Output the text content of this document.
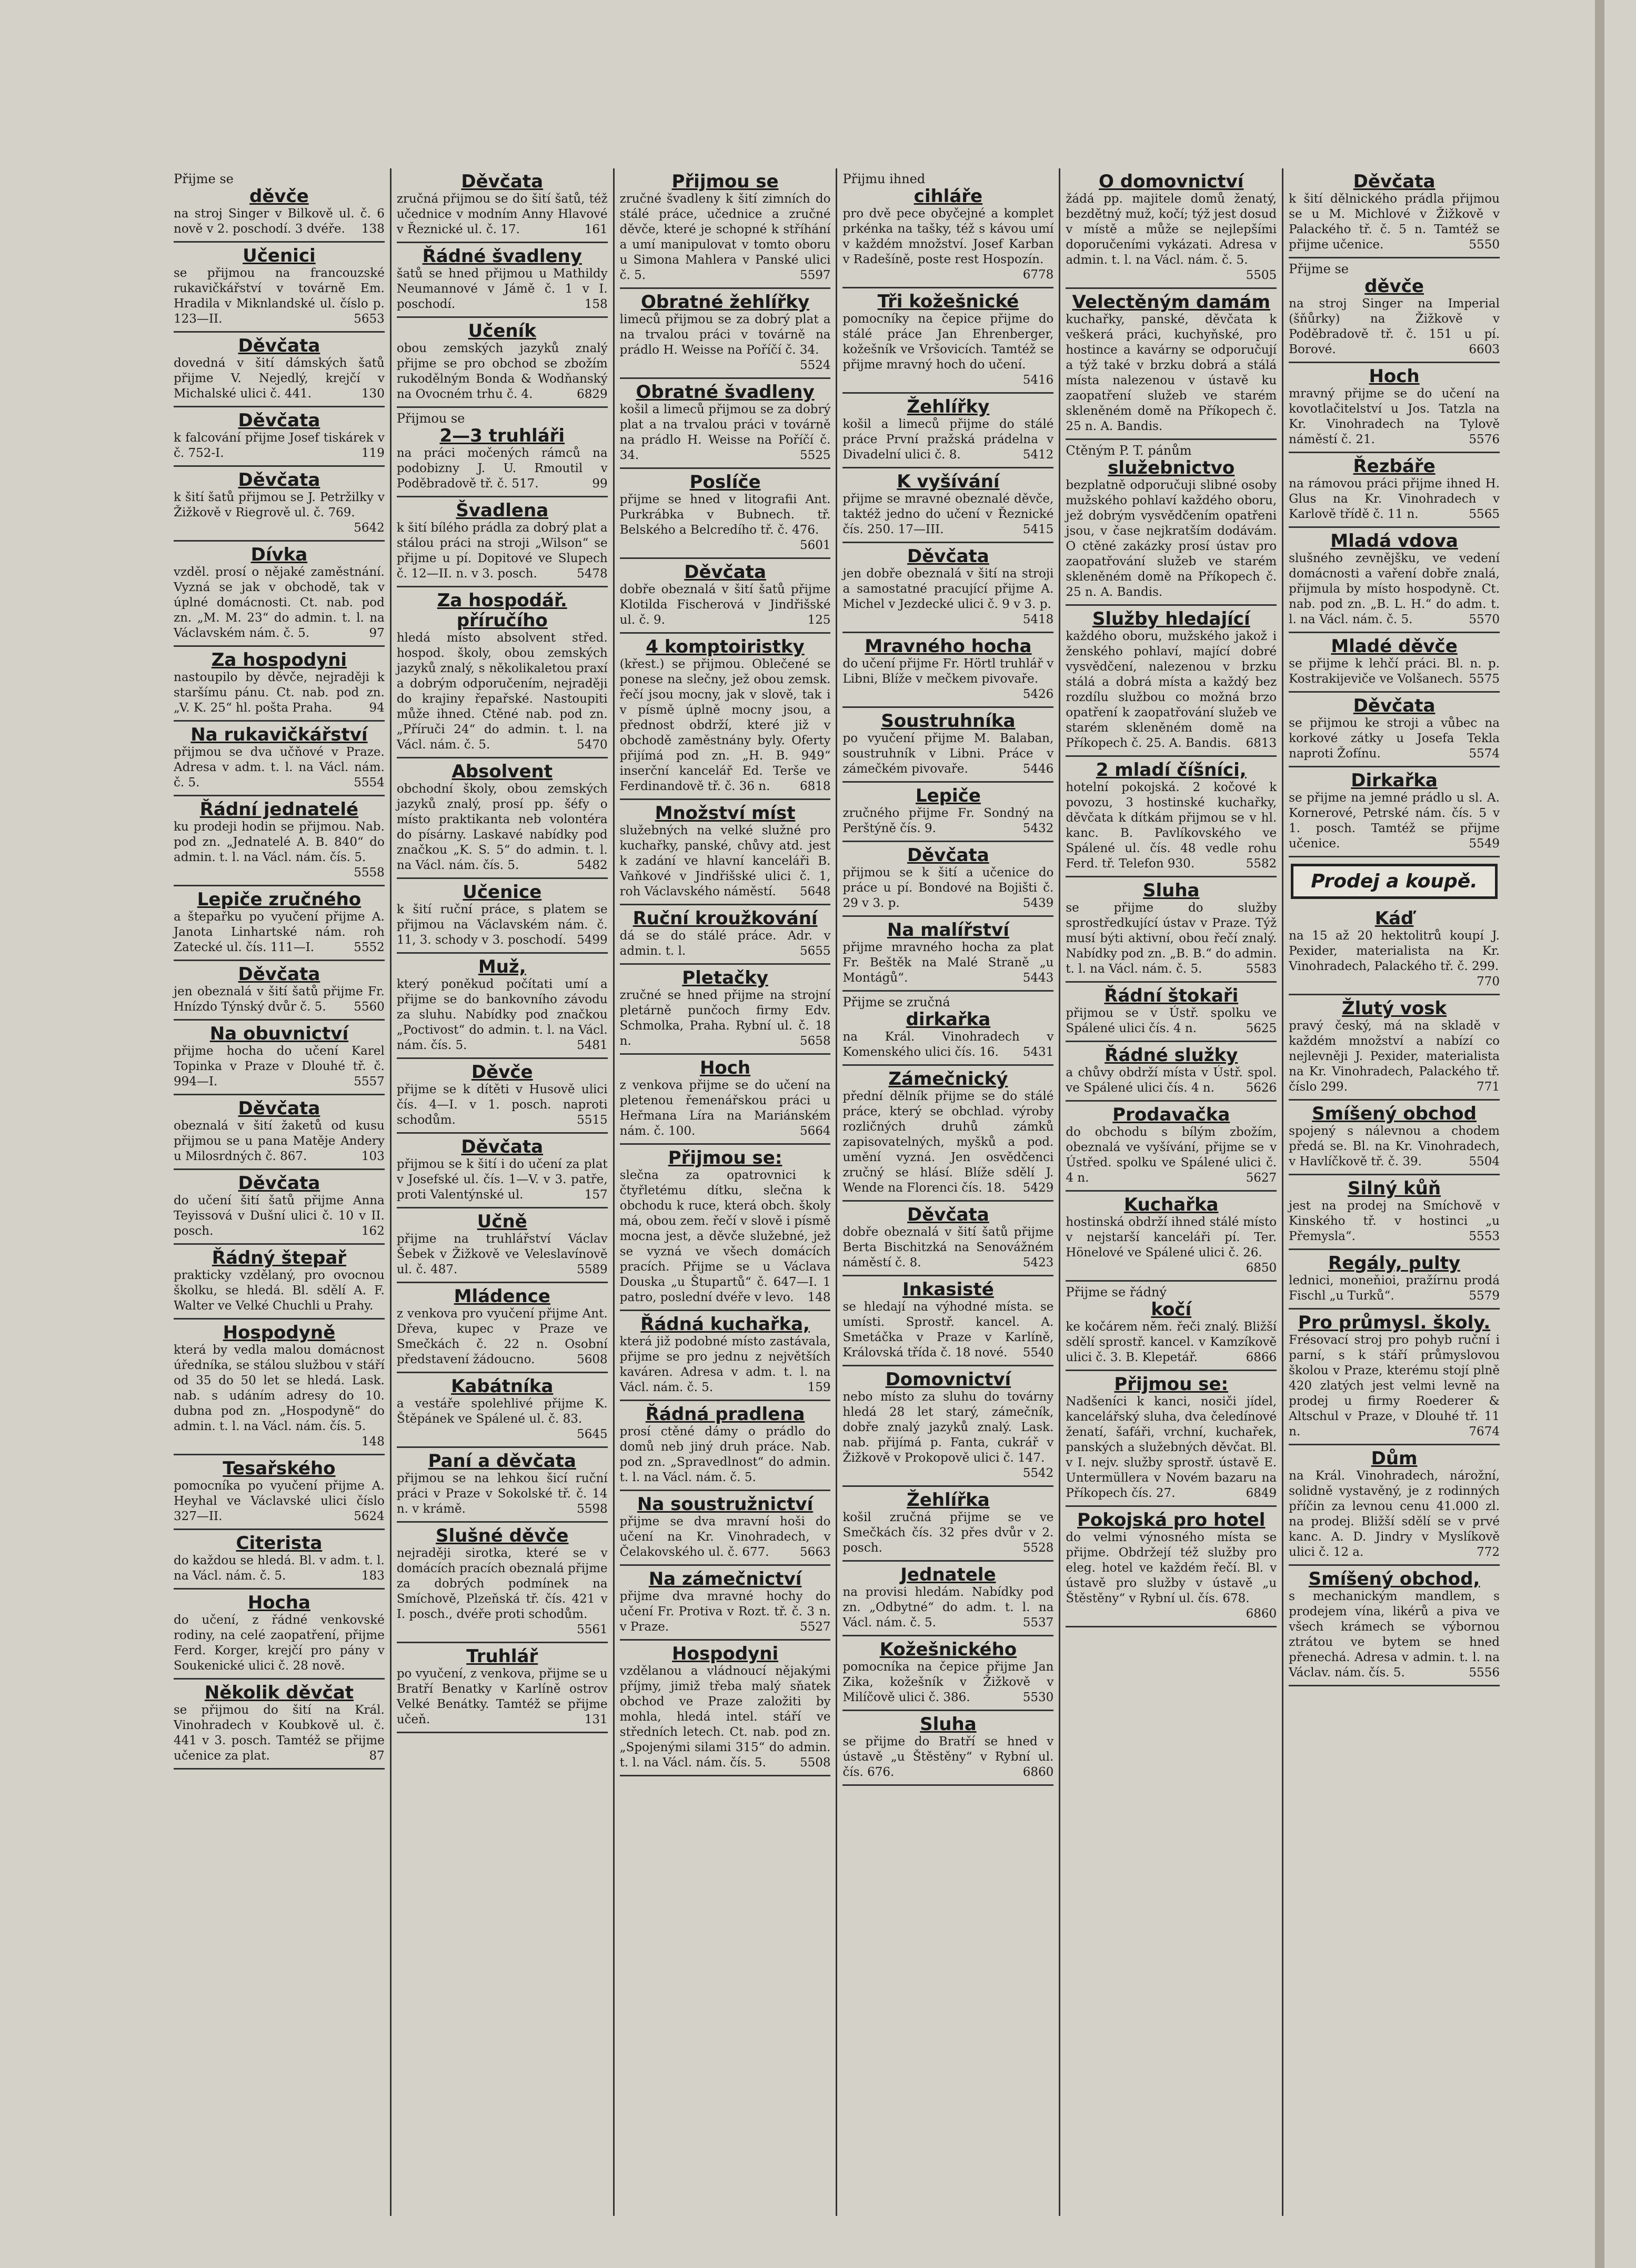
Přijme se
děvče
na stroj Singer v Bilkově ul. č. 6 nově v 2. poschodí. 3 dvéře. 138
Učenici
se přijmou na francouzské rukavičkářství v továrně Em. Hradila v Miknlandské ul. číslo p. 123—II.	5653
Děvčata
dovedná v šití dámských šatů přijme V. Nejedlý, krejčí v Michalské ulici č. 441.	130
Děvčata
k falcování přijme Josef tiskárek v č. 752-I.	119
Děvčata
k šití šatů přijmou se J. Petržilky v Žižkově v Riegrově ul. č. 769.
5642
Dívka
vzděl. prosí o nějaké zaměstnání. Vyzná se jak v obchodě, tak v úplné domácnosti. Ct. nab. pod zn. „M. M. 23“ do admin. t. l. na Václavském nám. č. 5.	97
Za hospodyni
nastoupilo by děvče, nejraději k staršímu pánu. Ct. nab. pod zn. „V. K. 25“ hl. pošta Praha.	94
Na rukavičkářství
přijmou se dva učňové v Praze. Adresa v adm. t. l. na Václ. nám. č. 5.	5554
Řádní jednatelé
ku prodeji hodin se přijmou. Nab. pod zn. „Jednatelé A. B. 840“ do admin. t. l. na Václ. nám. čís. 5.
5558
Lepiče zručného
a štepařku po vyučení přijme A. Janota Linhartské nám. roh Zatecké ul. čís. 111—I.	5552
Děvčata
jen obeznalá v šití šatů přijme Fr. Hnízdo Týnský dvůr č. 5. 5560
Na obuvnictví
přijme hocha do učení Karel Topinka v Praze v Dlouhé tř. č. 994—I.	5557
Děvčata
obeznalá v šití žaketů od kusu přijmou se u pana Matěje Andery u Milosrdných č. 867.	103
Děvčata
do učení šití šatů přijme Anna Teyissová v Dušní ulici č. 10 v II. posch.	162
Řádný štepař
prakticky vzdělaný, pro ovocnou školku, se hledá. Bl. sdělí A. F. Walter ve Velké Chuchli u Prahy.
Hospodyně
která by vedla malou domácnost úředníka, se stálou službou v stáří od 35 do 50 let se hledá. Lask. nab. s udáním adresy do 10. dubna pod zn. „Hospodyně“ do admin. t. l. na Václ. nám. čís. 5.
148
Tesařského
pomocníka po vyučení přijme A. Heyhal ve Václavské ulici číslo 327—II.	5624
Citerista
do každou se hledá. Bl. v adm. t. l. na Václ. nám. č. 5.	183
Hocha
do učení, z řádné venkovské rodiny, na celé zaopatření, přijme Ferd. Korger, krejčí pro pány v Soukenické ulici č. 28 nově.
Několik děvčat
se přijmou do šití na Král. Vinohradech v Koubkově ul. č. 441 v 3. posch. Tamtéž se přijme učenice za plat.	87
Děvčata
zručná přijmou se do šití šatů, též učednice v modním Anny Hlavové v Řeznické ul. č. 17.	161
Řádné švadleny
šatů se hned přijmou u Mathildy Neumannové v Jámě č. 1 v I. poschodí.	158
Učeník
obou zemských jazyků znalý přijme se pro obchod se zbožím rukodělným Bonda & Wodňanský na Ovocném trhu č. 4.	6829
Přijmou se
2—3 truhláři
na práci močených rámců na podobizny J. U. Rmoutil v Poděbradově tř. č. 517.	99
Švadlena
k šití bílého prádla za dobrý plat a stálou práci na stroji „Wilson“ se přijme u pí. Dopitové ve Slupech č. 12—II. n. v 3. posch.	5478
Za hospodář. příručího
hledá místo absolvent střed. hospod. školy, obou zemských jazyků znalý, s několikaletou praxí a dobrým odporučením, nejraději do krajiny řepařské. Nastoupiti může ihned. Ctěné nab. pod zn. „Příruči 24“ do admin. t. l. na Václ. nám. č. 5.	5470
Absolvent
obchodní školy, obou zemských jazyků znalý, prosí pp. šéfy o místo praktikanta neb volontéra do písárny. Laskavé nabídky pod značkou „K. S. 5“ do admin. t. l. na Václ. nám. čís. 5.	5482
Učenice
k šití ruční práce, s platem se přijmou na Václavském nám. č. 11, 3. schody v 3. poschodí. 5499
Muž,
který poněkud počítati umí a přijme se do bankovního závodu za sluhu. Nabídky pod značkou „Poctivost“ do admin. t. l. na Václ. nám. čís. 5.	5481
Děvče
přijme se k dítěti v Husově ulici čís. 4—I. v 1. posch. naproti schodům.	5515
Děvčata
přijmou se k šití i do učení za plat v Josefské ul. čís. 1—V. v 3. patře, proti Valentýnské ul.	157
Učně
přijme na truhlářství Václav Šebek v Žižkově ve Veleslavínově ul. č. 487.	5589
Mládence
z venkova pro vyučení přijme Ant. Dřeva, kupec v Praze ve Smečkách č. 22 n. Osobní představení žádoucno.	5608
Kabátníka
a vestáře spolehlivé přijme K. Štěpánek ve Spálené ul. č. 83.
5645
Paní a děvčata
přijmou se na lehkou šicí ruční práci v Praze v Sokolské tř. č. 14 n. v krámě.	5598
Slušné děvče
nejraději sirotka, které se v domácích pracích obeznalá přijme za dobrých podmínek na Smíchově, Plzeňská tř. čís. 421 v I. posch., dvéře proti schodům.
5561
Truhlář
po vyučení, z venkova, přijme se u Bratří Benatky v Karlíně ostrov Velké Benátky. Tamtéž se přijme učeň.	131
Přijmou se
zručné švadleny k šití zimních do stálé práce, učednice a zručné děvče, které je schopné k stříhání a umí manipulovat v tomto oboru u Simona Mahlera v Panské ulici č. 5.	5597
Obratné žehlířky
limeců přijmou se za dobrý plat a na trvalou práci v továrně na prádlo H. Weisse na Poříčí č. 34.
5524
Obratné švadleny
košil a limeců přijmou se za dobrý plat a na trvalou práci v továrně na prádlo H. Weisse na Poříčí č. 34.	5525
Poslíče
přijme se hned v litografii Ant. Purkrábka v Bubnech. tř. Belského a Belcredího tř. č. 476.
5601
Děvčata
dobře obeznalá v šití šatů přijme Klotilda Fischerová v Jindřišské ul. č. 9.	125
4 komptoiristky
(křest.) se přijmou. Oblečené se ponese na slečny, jež obou zemsk. řečí jsou mocny, jak v slově, tak i v písmě úplně mocny jsou, a přednost obdrží, které již v obchodě zaměstnány byly. Oferty přijímá pod zn. „H. B. 949“ inserční kancelář Ed. Terše ve Ferdinandově tř. č. 36 n. 6818
Množství míst
služebných na velké služné pro kuchařky, panské, chůvy atd. jest k zadání ve hlavní kanceláři B. Vaňkové v Jindřišské ulici č. 1, roh Václavského náměstí. 5648
Ruční kroužkování
dá se do stálé práce. Adr. v admin. t. l.	5655
Pletačky
zručné se hned přijme na strojní pletárně punčoch firmy Edv. Schmolka, Praha. Rybní ul. č. 18 n.	5658
Hoch
z venkova přijme se do učení na pletenou řemenářskou práci u Heřmana Líra na Mariánském nám. č. 100.	5664
Přijmou se:
slečna za opatrovnici k čtyřletému dítku, slečna k obchodu k ruce, která obch. školy má, obou zem. řečí v slově i písmě mocna jest, a děvče služebné, jež se vyzná ve všech domácích pracích. Přijme se u Václava Douska „u Štupartů“ č. 647—I. 1 patro, poslední dvéře v levo. 148
Řádná kuchařka,
která již podobné místo zastávala, přijme se pro jednu z největších kaváren. Adresa v adm. t. l. na Václ. nám. č. 5.	159
Řádná pradlena
prosí ctěné dámy o prádlo do domů neb jiný druh práce. Nab. pod zn. „Spravedlnost“ do admin. t. l. na Václ. nám. č. 5.
Na soustružnictví
přijme se dva mravní hoši do učení na Kr. Vinohradech, v Čelakovského ul. č. 677.	5663
Na zámečnictví
přijme dva mravné hochy do učení Fr. Protiva v Rozt. tř. č. 3 n. v Praze.	5527
Hospodyni
vzdělanou a vládnoucí nějakými příjmy, jimiž třeba malý sňatek obchod ve Praze založiti by mohla, hledá intel. stáří ve středních letech. Ct. nab. pod zn. „Spojenými silami 315“ do admin. t. l. na Václ. nám. čís. 5.	5508
Přijmu ihned
cihláře
pro dvě pece obyčejné a komplet prkénka na tašky, též s kávou umí v každém množství. Josef Karban v Radešíně, poste rest Hospozín.
6778
Tři kožešnické
pomocníky na čepice přijme do stálé práce Jan Ehrenberger, kožešník ve Vršovicích. Tamtéž se přijme mravný hoch do učení.
5416
Žehlířky
košil a limeců přijme do stálé práce První pražská prádelna v Divadelní ulici č. 8.	5412
K vyšívání
přijme se mravné obeznalé děvče, taktéž jedno do učení v Řeznické čís. 250. 17—III.	5415
Děvčata
jen dobře obeznalá v šití na stroji a samostatné pracující přijme A. Michel v Jezdecké ulici č. 9 v 3. p.
5418
Mravného hocha
do učení přijme Fr. Hörtl truhlář v Libni, Blíže v mečkem pivovaře.
5426
Soustruhníka
po vyučení přijme M. Balaban, soustruhník v Libni. Práce v zámečkém pivovaře.	5446
Lepiče
zručného přijme Fr. Sondný na Perštýně čís. 9.	5432
Děvčata
přijmou se k šití a učenice do práce u pí. Bondové na Bojišti č. 29 v 3. p.	5439
Na malířství
přijme mravného hocha za plat Fr. Beštěk na Malé Straně „u Montágů“.	5443
Přijme se zručná
dirkařka
na Král. Vinohradech v Komenského ulici čís. 16. 5431
Zámečnický
přední dělník přijme se do stálé práce, který se obchlad. výroby rozličných druhů zámků zapisovatelných, myšků a pod. umění vyzná. Jen osvědčenci zručný se hlásí. Blíže sdělí J. Wende na Florenci čís. 18. 5429
Děvčata
dobře obeznalá v šití šatů přijme Berta Bischitzká na Senovážném náměstí č. 8.	5423
Inkasisté
se hledají na výhodné místa. se umísti. Sprostř. kancel. A. Smetáčka v Praze v Karlíně, Královská třída č. 18 nové. 5540
Domovnictví
nebo místo za sluhu do továrny hledá 28 let starý, zámečník, dobře znalý jazyků znalý. Lask. nab. přijímá p. Fanta, cukrář v Žižkově v Prokopově ulici č. 147.
5542
Žehlířka
košil zručná přijme se ve Smečkách čís. 32 přes dvůr v 2. posch.	5528
Jednatele
na provisi hledám. Nabídky pod zn. „Odbytné“ do adm. t. l. na Václ. nám. č. 5.	5537
Kožešnického
pomocníka na čepice přijme Jan Zika, kožešník v Žižkově v Milíčově ulici č. 386.	5530
Sluha
se přijme do Bratří se hned v ústavě „u Štěstěny“ v Rybní ul. čís. 676.	6860
O domovnictví
žádá pp. majitele domů ženatý, bezdětný muž, kočí; týž jest dosud v místě a může se nejlepšími doporučeními vykázati. Adresa v admin. t. l. na Václ. nám. č. 5.
5505
Velectěným damám
kuchařky, panské, děvčata k veškerá práci, kuchyňské, pro hostince a kavárny se odporučují a týž také v brzku dobrá a stálá místa nalezenou v ústavě ku zaopatření služeb ve starém skleněném domě na Příkopech č. 25 n. A. Bandis.
Ctěným P. T. pánům
služebnictvo
bezplatně odporučuji slibné osoby mužského pohlaví každého oboru, jež dobrým vysvědčením opatřeni jsou, v čase nejkratším dodávám. O ctěné zakázky prosí ústav pro zaopatřování služeb ve starém skleněném domě na Příkopech č. 25 n. A. Bandis.
Služby hledající
každého oboru, mužského jakož i ženského pohlaví, mající dobré vysvědčení, nalezenou v brzku stálá a dobrá místa a každý bez rozdílu službou co možná brzo opatření k zaopatřování služeb ve starém skleněném domě na Příkopech č. 25. A. Bandis. 6813
2 mladí číšníci,
hotelní pokojská. 2 kočové k povozu, 3 hostinské kuchařky, děvčata k dítkám přijmou se v hl. kanc. B. Pavlíkovského ve Spálené ul. čís. 48 vedle rohu Ferd. tř. Telefon 930.	5582
Sluha
se přijme do služby sprostředkující ústav v Praze. Týž musí býti aktivní, obou řečí znalý. Nabídky pod zn. „B. B.“ do admin. t. l. na Václ. nám. č. 5.	5583
Řádní štokaři
přijmou se v Ústř. spolku ve Spálené ulici čís. 4 n.	5625
Řádné služky
a chůvy obdrží místa v Ústř. spol. ve Spálené ulici čís. 4 n.	5626
Prodavačka
do obchodu s bílým zbožím, obeznalá ve vyšívání, přijme se v Ústřed. spolku ve Spálené ulici č. 4 n.	5627
Kuchařka
hostinská obdrží ihned stálé místo v nejstarší kanceláři pí. Ter. Hönelové ve Spálené ulici č. 26.
6850
Přijme se řádný
kočí
ke kočárem něm. řeči znalý. Bližší sdělí sprostř. kancel. v Kamzíkově ulici č. 3. B. Klepetář.	6866
Přijmou se:
Nadšeníci k kanci, nosiči jídel, kancelářský sluha, dva čeledínové ženatí, šafáři, vrchní, kuchařek, panských a služebných děvčat. Bl. v I. nejv. služby sprostř. ústavě E. Untermüllera v Novém bazaru na Příkopech čís. 27.	6849
Pokojská pro hotel
do velmi výnosného místa se přijme. Obdržejí též služby pro eleg. hotel ve každém řečí. Bl. v ústavě pro služby v ústavě „u Štěstěny“ v Rybní ul. čís. 678.
6860
Děvčata
k šití dělnického prádla přijmou se u M. Michlové v Žižkově v Palackého tř. č. 5 n. Tamtéž se přijme učenice.	5550
Přijme se
děvče
na stroj Singer na Imperial (šňůrky) na Žižkově v Poděbradově tř. č. 151 u pí. Borové.	6603
Hoch
mravný přijme se do učení na kovotlačitelství u Jos. Tatzla na Kr. Vinohradech na Tylově náměstí č. 21.	5576
Řezbáře
na rámovou práci přijme ihned H. Glus na Kr. Vinohradech v Karlově třídě č. 11 n.	5565
Mladá vdova
slušného zevnějšku, ve vedení domácnosti a vaření dobře znalá, přijmula by místo hospodyně. Ct. nab. pod zn. „B. L. H.“ do adm. t. l. na Václ. nám. č. 5.	5570
Mladé děvče
se přijme k lehčí práci. Bl. n. p. Kostrakijeviče ve Volšanech. 5575
Děvčata
se přijmou ke stroji a vůbec na korkové zátky u Josefa Tekla naproti Žofínu.	5574
Dirkařka
se přijme na jemné prádlo u sl. A. Kornerové, Petrské nám. čís. 5 v 1. posch. Tamtéž se přijme učenice.	5549
Prodej a koupě.
Káď
na 15 až 20 hektolitrů koupí J. Pexider, materialista na Kr. Vinohradech, Palackého tř. č. 299.
770
Žlutý vosk
pravý český, má na skladě v každém množství a nabízí co nejlevněji J. Pexider, materialista na Kr. Vinohradech, Palackého tř. číslo 299.	771
Smíšený obchod
spojený s nálevnou a chodem předá se. Bl. na Kr. Vinohradech, v Havlíčkově tř. č. 39.	5504
Silný kůň
jest na prodej na Smíchově v Kinského tř. v hostinci „u Přemysla“.	5553
Regály, pulty
lednici, moneňioi, pražírnu prodá Fischl „u Turků“.	5579
Pro průmysl. školy.
Frésovací stroj pro pohyb ruční i parní, s k stáří průmyslovou školou v Praze, kterému stojí plně 420 zlatých jest velmi levně na prodej u firmy Roederer & Altschul v Praze, v Dlouhé tř. 11 n.	7674
Dům
na Král. Vinohradech, nárožní, solidně vystavěný, je z rodinných příčin za levnou cenu 41.000 zl. na prodej. Bližší sdělí se v prvé kanc. A. D. Jindry v Myslíkově ulici č. 12 a.	772
Smíšený obchod,
s mechanickým mandlem, s prodejem vína, likérů a piva ve všech krámech se výbornou ztrátou ve bytem se hned přenechá. Adresa v admin. t. l. na Václav. nám. čís. 5.	5556
